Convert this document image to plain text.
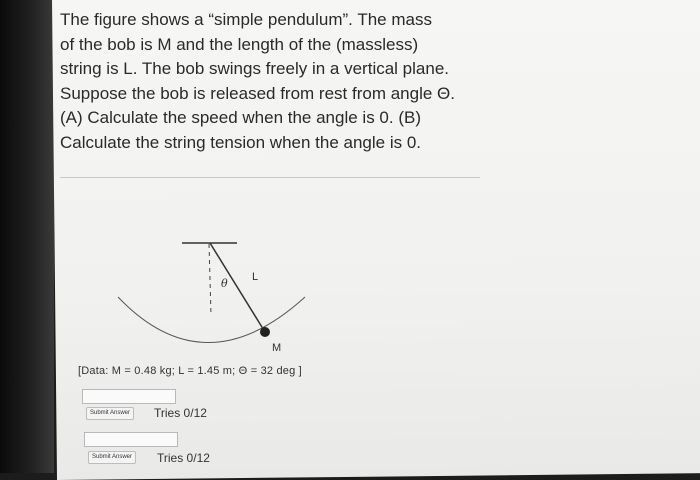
The figure shows a “simple pendulum”. The mass
of the bob is M and the length of the (massless)
string is L. The bob swings freely in a vertical plane.
Suppose the bob is released from rest from angle Θ.
(A) Calculate the speed when the angle is 0. (B)
Calculate the string tension when the angle is 0.

θ L
M
[Data: M = 0.48 kg; L = 1.45 m; Θ = 32 deg ]
Submit Answer	Tries 0/12
Submit Answer	Tries 0/12
